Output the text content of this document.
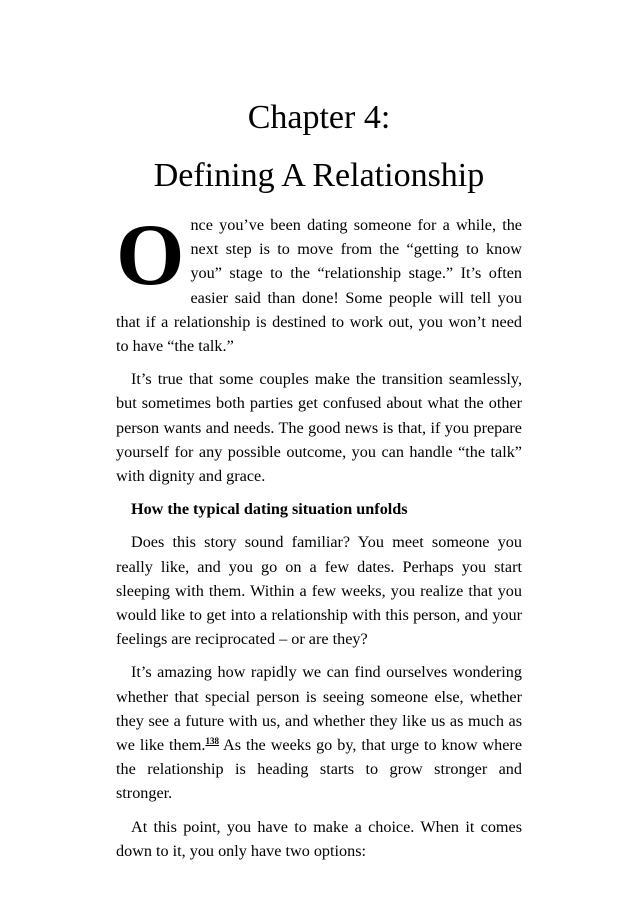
Chapter 4:
Defining A Relationship

Once you’ve been dating someone for a while, the next step is to move from the “getting to know you” stage to the “relationship stage.” It’s often easier said than done! Some people will tell you that if a relationship is destined to work out, you won’t need to have “the talk.”

It’s true that some couples make the transition seamlessly, but sometimes both parties get confused about what the other person wants and needs. The good news is that, if you prepare yourself for any possible outcome, you can handle “the talk” with dignity and grace.

How the typical dating situation unfolds

Does this story sound familiar? You meet someone you really like, and you go on a few dates. Perhaps you start sleeping with them. Within a few weeks, you realize that you would like to get into a relationship with this person, and your feelings are reciprocated – or are they?

It’s amazing how rapidly we can find ourselves wondering whether that special person is seeing someone else, whether they see a future with us, and whether they like us as much as we like them.$^{138}$ As the weeks go by, that urge to know where the relationship is heading starts to grow stronger and stronger.

At this point, you have to make a choice. When it comes down to it, you only have two options:
